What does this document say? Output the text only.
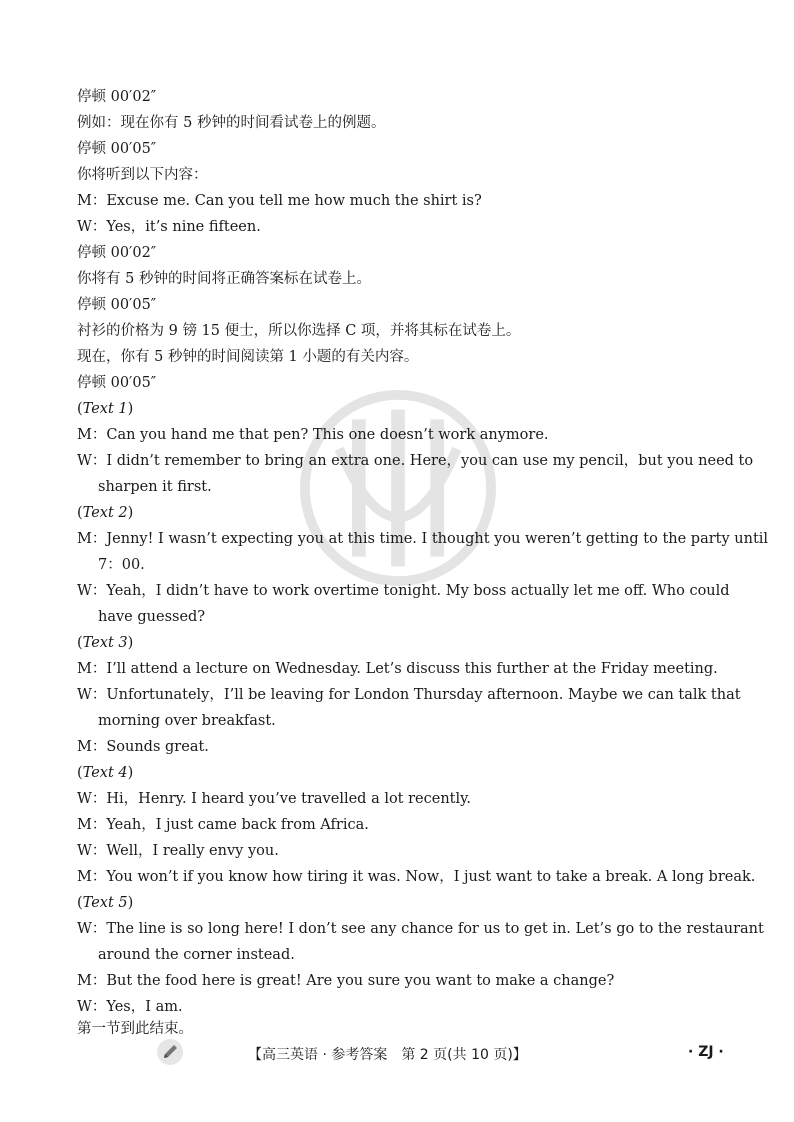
停顿 00′02″
例如：现在你有 5 秒钟的时间看试卷上的例题。
停顿 00′05″
你将听到以下内容：
M：Excuse me. Can you tell me how much the shirt is?
W：Yes，it’s nine fifteen.
停顿 00′02″
你将有 5 秒钟的时间将正确答案标在试卷上。
停顿 00′05″
衬衫的价格为 9 镑 15 便士，所以你选择 C 项，并将其标在试卷上。
现在，你有 5 秒钟的时间阅读第 1 小题的有关内容。
停顿 00′05″
(Text 1)
M：Can you hand me that pen? This one doesn’t work anymore.
W：I didn’t remember to bring an extra one. Here，you can use my pencil，but you need to
sharpen it first.
(Text 2)
M：Jenny! I wasn’t expecting you at this time. I thought you weren’t getting to the party until
7：00.
W：Yeah，I didn’t have to work overtime tonight. My boss actually let me off. Who could
have guessed?
(Text 3)
M：I’ll attend a lecture on Wednesday. Let’s discuss this further at the Friday meeting.
W：Unfortunately，I’ll be leaving for London Thursday afternoon. Maybe we can talk that
morning over breakfast.
M：Sounds great.
(Text 4)
W：Hi，Henry. I heard you’ve travelled a lot recently.
M：Yeah，I just came back from Africa.
W：Well，I really envy you.
M：You won’t if you know how tiring it was. Now，I just want to take a break. A long break.
(Text 5)
W：The line is so long here! I don’t see any chance for us to get in. Let’s go to the restaurant
around the corner instead.
M：But the food here is great! Are you sure you want to make a change?
W：Yes，I am.
第一节到此结束。
【高三英语 · 参考答案　第 2 页(共 10 页)】	· ZJ ·
